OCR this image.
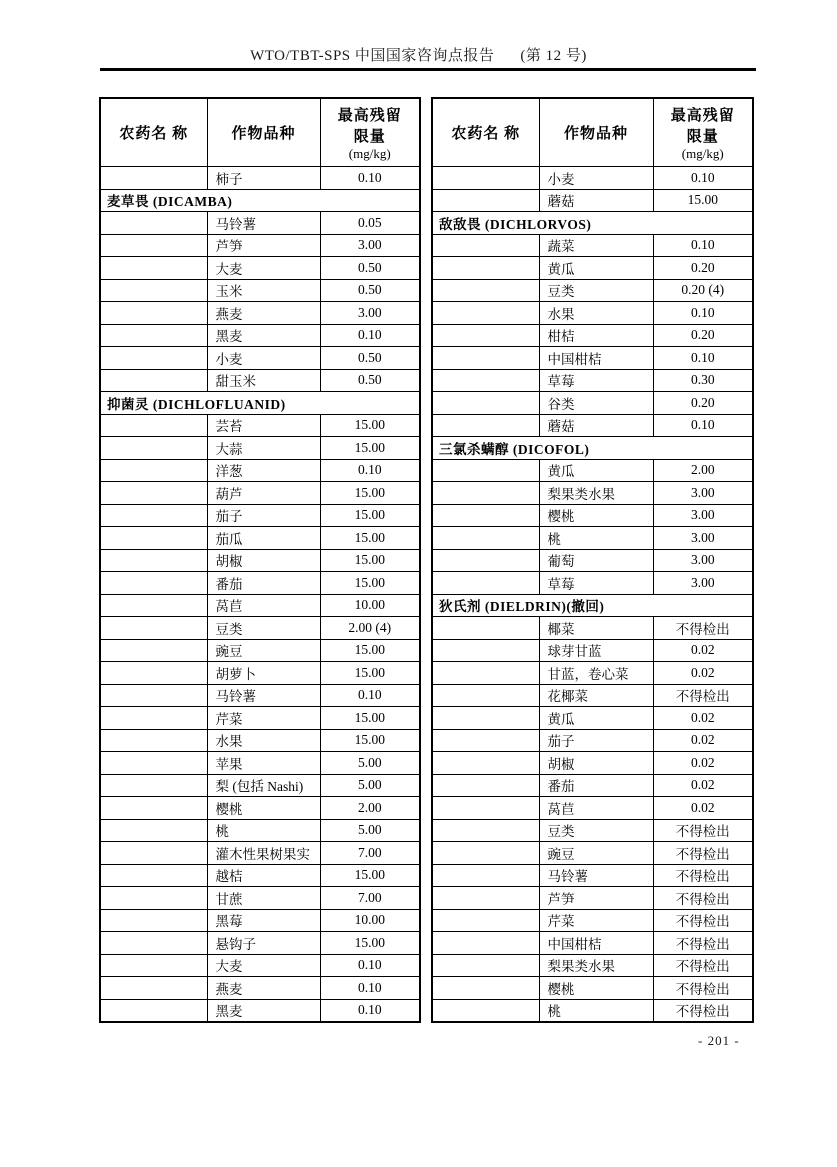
WTO/TBT-SPS 中国国家咨询点报告 (第 12 号)
农药名 称	作物品种	最高残留
限量
(mg/kg)

	柿子	0.10
麦草畏 (DICAMBA)		
	马铃薯	0.05
	芦笋	3.00
	大麦	0.50
	玉米	0.50
	燕麦	3.00
	黑麦	0.10
	小麦	0.50
	甜玉米	0.50
抑菌灵 (DICHLOFLUANID)		
	芸苔	15.00
	大蒜	15.00
	洋葱	0.10
	葫芦	15.00
	茄子	15.00
	茄瓜	15.00
	胡椒	15.00
	番茄	15.00
	莴苣	10.00
	豆类	2.00 (4)
	豌豆	15.00
	胡萝卜	15.00
	马铃薯	0.10
	芹菜	15.00
	水果	15.00
	苹果	5.00
	梨 (包括 Nashi)	5.00
	樱桃	2.00
	桃	5.00
	灌木性果树果实	7.00
	越桔	15.00
	甘蔗	7.00
	黑莓	10.00
	悬钩子	15.00
	大麦	0.10
	燕麦	0.10
	黑麦	0.10
农药名 称	作物品种	最高残留
限量
(mg/kg)

	小麦	0.10
	蘑菇	15.00
敌敌畏 (DICHLORVOS)		
	蔬菜	0.10
	黄瓜	0.20
	豆类	0.20 (4)
	水果	0.10
	柑桔	0.20
	中国柑桔	0.10
	草莓	0.30
	谷类	0.20
	蘑菇	0.10
三氯杀螨醇 (DICOFOL)		
	黄瓜	2.00
	梨果类水果	3.00
	樱桃	3.00
	桃	3.00
	葡萄	3.00
	草莓	3.00
狄氏剂 (DIELDRIN)(撤回)		
	椰菜	不得检出
	球芽甘蓝	0.02
	甘蓝，卷心菜	0.02
	花椰菜	不得检出
	黄瓜	0.02
	茄子	0.02
	胡椒	0.02
	番茄	0.02
	莴苣	0.02
	豆类	不得检出
	豌豆	不得检出
	马铃薯	不得检出
	芦笋	不得检出
	芹菜	不得检出
	中国柑桔	不得检出
	梨果类水果	不得检出
	樱桃	不得检出
	桃	不得检出
- 201 -
